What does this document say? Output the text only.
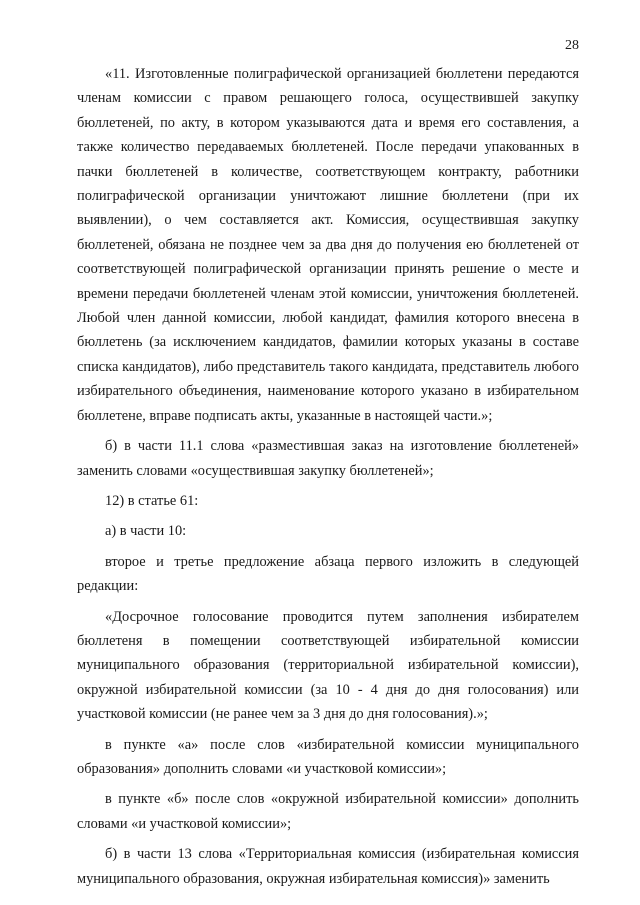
28

«11. Изготовленные полиграфической организацией бюллетени передаются членам комиссии с правом решающего голоса, осуществившей закупку бюллетеней, по акту, в котором указываются дата и время его составления, а также количество передаваемых бюллетеней. После передачи упакованных в пачки бюллетеней в количестве, соответствующем контракту, работники полиграфической организации уничтожают лишние бюллетени (при их выявлении), о чем составляется акт. Комиссия, осуществившая закупку бюллетеней, обязана не позднее чем за два дня до получения ею бюллетеней от соответствующей полиграфической организации принять решение о месте и времени передачи бюллетеней членам этой комиссии, уничтожения бюллетеней. Любой член данной комиссии, любой кандидат, фамилия которого внесена в бюллетень (за исключением кандидатов, фамилии которых указаны в составе списка кандидатов), либо представитель такого кандидата, представитель любого избирательного объединения, наименование которого указано в избирательном бюллетене, вправе подписать акты, указанные в настоящей части.»;

б) в части 11.1 слова «разместившая заказ на изготовление бюллетеней» заменить словами «осуществившая закупку бюллетеней»;

12) в статье 61:

а) в части 10:

второе и третье предложение абзаца первого изложить в следующей редакции:

«Досрочное голосование проводится путем заполнения избирателем бюллетеня в помещении соответствующей избирательной комиссии муниципального образования (территориальной избирательной комиссии), окружной избирательной комиссии (за 10 - 4 дня до дня голосования) или участковой комиссии (не ранее чем за 3 дня до дня голосования).»;

в пункте «а» после слов «избирательной комиссии муниципального образования» дополнить словами «и участковой комиссии»;

в пункте «б» после слов «окружной избирательной комиссии» дополнить словами «и участковой комиссии»;

б) в части 13 слова «Территориальная комиссия (избирательная комиссия муниципального образования, окружная избирательная комиссия)» заменить
